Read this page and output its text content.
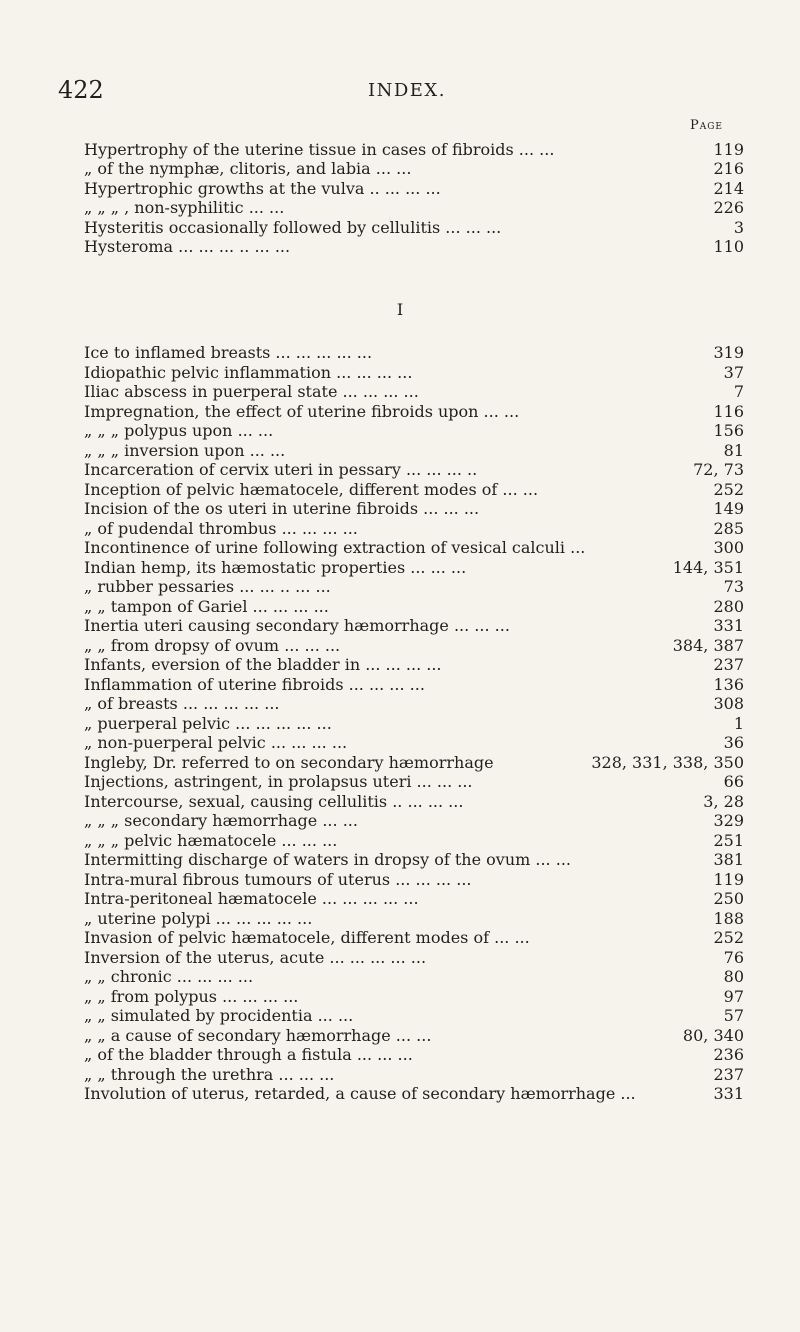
422	INDEX.
Page
Hypertrophy of the uterine tissue in cases of fibroids ... ...	119
„ of the nymphæ, clitoris, and labia ... ...	216
Hypertrophic growths at the vulva .. ... ... ...	214
„ „ „ , non-syphilitic ... ...	226
Hysteritis occasionally followed by cellulitis ... ... ...	3
Hysteroma ... ... ... .. ... ...	110
I
Ice to inflamed breasts ... ... ... ... ...	319
Idiopathic pelvic inflammation ... ... ... ...	37
Iliac abscess in puerperal state ... ... ... ...	7
Impregnation, the effect of uterine fibroids upon ... ...	116
„ „ „ polypus upon ... ...	156
„ „ „ inversion upon ... ...	81
Incarceration of cervix uteri in pessary ... ... ... ..	72, 73
Inception of pelvic hæmatocele, different modes of ... ...	252
Incision of the os uteri in uterine fibroids ... ... ...	149
„ of pudendal thrombus ... ... ... ...	285
Incontinence of urine following extraction of vesical calculi ...	300
Indian hemp, its hæmostatic properties ... ... ...	144, 351
„ rubber pessaries ... ... .. ... ...	73
„ „ tampon of Gariel ... ... ... ...	280
Inertia uteri causing secondary hæmorrhage ... ... ...	331
„ „ from dropsy of ovum ... ... ...	384, 387
Infants, eversion of the bladder in ... ... ... ...	237
Inflammation of uterine fibroids ... ... ... ...	136
„ of breasts ... ... ... ... ...	308
„ puerperal pelvic ... ... ... ... ...	1
„ non-puerperal pelvic ... ... ... ...	36
Ingleby, Dr. referred to on secondary hæmorrhage	328, 331, 338, 350
Injections, astringent, in prolapsus uteri ... ... ...	66
Intercourse, sexual, causing cellulitis .. ... ... ...	3, 28
„ „ „ secondary hæmorrhage ... ...	329
„ „ „ pelvic hæmatocele ... ... ...	251
Intermitting discharge of waters in dropsy of the ovum ... ...	381
Intra-mural fibrous tumours of uterus ... ... ... ...	119
Intra-peritoneal hæmatocele ... ... ... ... ...	250
„ uterine polypi ... ... ... ... ...	188
Invasion of pelvic hæmatocele, different modes of ... ...	252
Inversion of the uterus, acute ... ... ... ... ...	76
„ „ chronic ... ... ... ...	80
„ „ from polypus ... ... ... ...	97
„ „ simulated by procidentia ... ...	57
„ „ a cause of secondary hæmorrhage ... ...	80, 340
„ of the bladder through a fistula ... ... ...	236
„ „ through the urethra ... ... ...	237
Involution of uterus, retarded, a cause of secondary hæmorrhage ...	331
